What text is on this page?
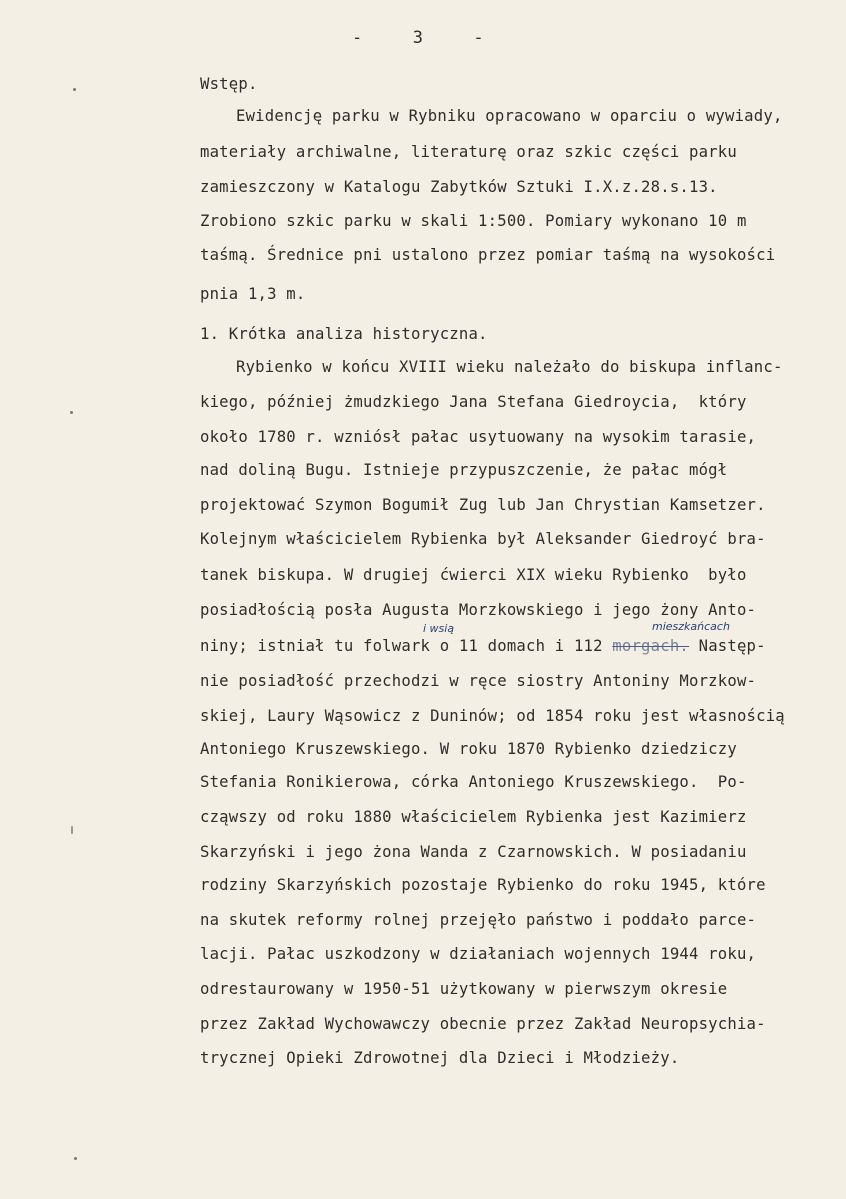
-  3  -
Wstęp.
Ewidencję parku w Rybniku opracowano w oparciu o wywiady,
materiały archiwalne, literaturę oraz szkic części parku
zamieszczony w Katalogu Zabytków Sztuki I.X.z.28.s.13.
Zrobiono szkic parku w skali 1:500. Pomiary wykonano 10 m
taśmą. Średnice pni ustalono przez pomiar taśmą na wysokości
pnia 1,3 m.
1. Krótka analiza historyczna.
Rybienko w końcu XVIII wieku należało do biskupa inflanc-
kiego, później żmudzkiego Jana Stefana Giedroycia,  który
około 1780 r. wzniósł pałac usytuowany na wysokim tarasie,
nad doliną Bugu. Istnieje przypuszczenie, że pałac mógł
projektować Szymon Bogumił Zug lub Jan Chrystian Kamsetzer.
Kolejnym właścicielem Rybienka był Aleksander Giedroyć bra-
tanek biskupa. W drugiej ćwierci XIX wieku Rybienko  było
posiadłością posła Augusta Morzkowskiego i jego żony Anto-
i wsią	mieszkańcach
niny; istniał tu folwark o 11 domach i 112 morgach. Następ-
nie posiadłość przechodzi w ręce siostry Antoniny Morzkow-
skiej, Laury Wąsowicz z Duninów; od 1854 roku jest własnością
Antoniego Kruszewskiego. W roku 1870 Rybienko dziedziczy
Stefania Ronikierowa, córka Antoniego Kruszewskiego.  Po-
cząwszy od roku 1880 właścicielem Rybienka jest Kazimierz
Skarzyński i jego żona Wanda z Czarnowskich. W posiadaniu
rodziny Skarzyńskich pozostaje Rybienko do roku 1945, które
na skutek reformy rolnej przejęło państwo i poddało parce-
lacji. Pałac uszkodzony w działaniach wojennych 1944 roku,
odrestaurowany w 1950-51 użytkowany w pierwszym okresie
przez Zakład Wychowawczy obecnie przez Zakład Neuropsychia-
trycznej Opieki Zdrowotnej dla Dzieci i Młodzieży.
